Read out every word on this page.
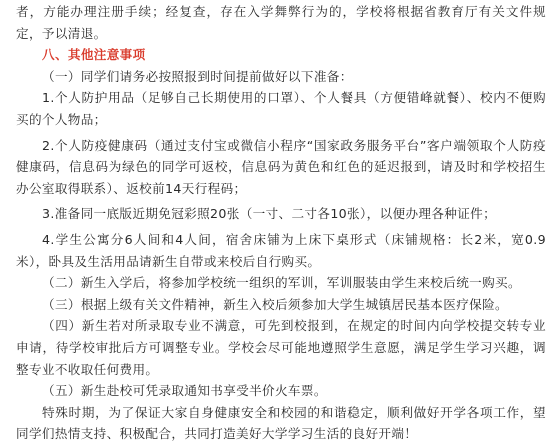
者，方能办理注册手续；经复查，存在入学舞弊行为的，学校将根据省教育厅有关文件规定，予以清退。

八、其他注意事项

（一）同学们请务必按照报到时间提前做好以下准备：

1.个人防护用品（足够自己长期使用的口罩）、个人餐具（方便错峰就餐）、校内不便购买的个人物品；

2.个人防疫健康码（通过支付宝或微信小程序“国家政务服务平台”客户端领取个人防疫健康码，信息码为绿色的同学可返校，信息码为黄色和红色的延迟报到，请及时和学校招生办公室取得联系）、返校前14天行程码；

3.准备同一底版近期免冠彩照20张（一寸、二寸各10张），以便办理各种证件；

4.学生公寓分6人间和4人间，宿舍床铺为上床下桌形式（床铺规格：长2米，宽0.9米），卧具及生活用品请新生自带或来校后自行购买。

（二）新生入学后，将参加学校统一组织的军训，军训服装由学生来校后统一购买。

（三）根据上级有关文件精神，新生入校后须参加大学生城镇居民基本医疗保险。

（四）新生若对所录取专业不满意，可先到校报到，在规定的时间内向学校提交转专业申请，待学校审批后方可调整专业。学校会尽可能地遵照学生意愿，满足学生学习兴趣，调整专业不收取任何费用。

（五）新生赴校可凭录取通知书享受半价火车票。

特殊时期，为了保证大家自身健康安全和校园的和谐稳定，顺利做好开学各项工作，望同学们热情支持、积极配合，共同打造美好大学学习生活的良好开端！
